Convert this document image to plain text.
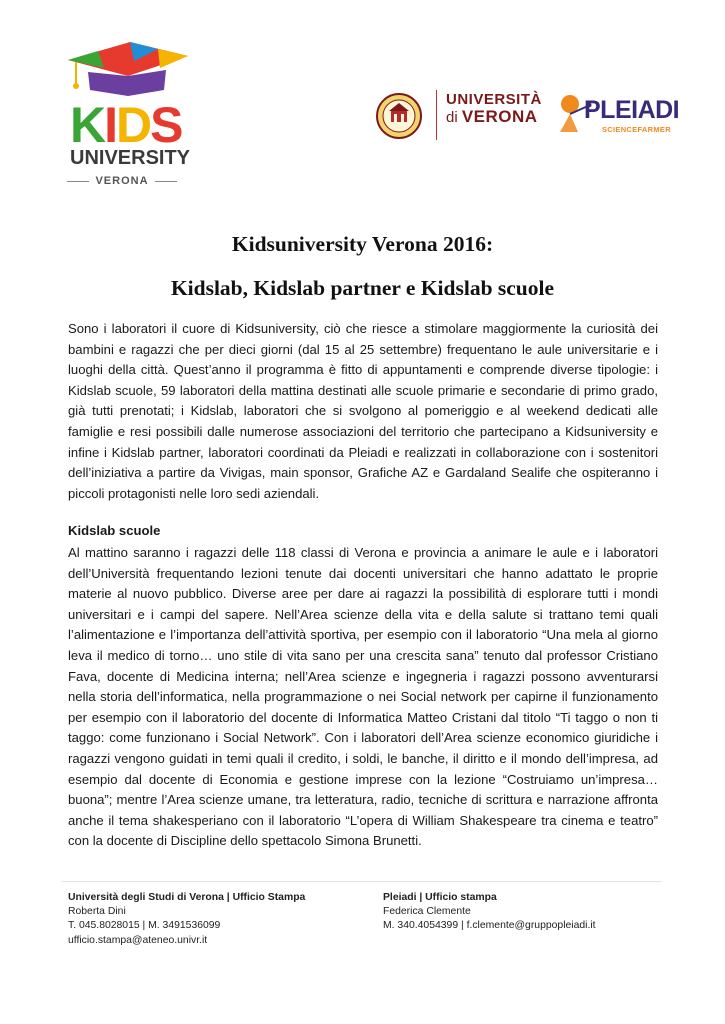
KIDS
UNIVERSITY
VERONA
UNIVERSITÀ
di VERONA PLEIADI
SCIENCEFARMER
Kidsuniversity Verona 2016:
Kidslab, Kidslab partner e Kidslab scuole
Sono i laboratori il cuore di Kidsuniversity, ciò che riesce a stimolare maggiormente la curiosità dei bambini e ragazzi che per dieci giorni (dal 15 al 25 settembre) frequentano le aule universitarie e i luoghi della città. Quest’anno il programma è fitto di appuntamenti e comprende diverse tipologie: i Kidslab scuole, 59 laboratori della mattina destinati alle scuole primarie e secondarie di primo grado, già tutti prenotati; i Kidslab, laboratori che si svolgono al pomeriggio e al weekend dedicati alle famiglie e resi possibili dalle numerose associazioni del territorio che partecipano a Kidsuniversity e infine i Kidslab partner, laboratori coordinati da Pleiadi e realizzati in collaborazione con i sostenitori dell’iniziativa a partire da Vivigas, main sponsor, Grafiche AZ e Gardaland Sealife che ospiteranno i piccoli protagonisti nelle loro sedi aziendali.
Kidslab scuole
Al mattino saranno i ragazzi delle 118 classi di Verona e provincia a animare le aule e i laboratori dell’Università frequentando lezioni tenute dai docenti universitari che hanno adattato le proprie materie al nuovo pubblico. Diverse aree per dare ai ragazzi la possibilità di esplorare tutti i mondi universitari e i campi del sapere. Nell’Area scienze della vita e della salute si trattano temi quali l’alimentazione e l’importanza dell’attività sportiva, per esempio con il laboratorio “Una mela al giorno leva il medico di torno… uno stile di vita sano per una crescita sana” tenuto dal professor Cristiano Fava, docente di Medicina interna; nell’Area scienze e ingegneria i ragazzi possono avventurarsi nella storia dell’informatica, nella programmazione o nei Social network per capirne il funzionamento per esempio con il laboratorio del docente di Informatica Matteo Cristani dal titolo “Ti taggo o non ti taggo: come funzionano i Social Network”. Con i laboratori dell’Area scienze economico giuridiche i ragazzi vengono guidati in temi quali il credito, i soldi, le banche, il diritto e il mondo dell’impresa, ad esempio dal docente di Economia e gestione imprese con la lezione “Costruiamo un’impresa…buona”; mentre l’Area scienze umane, tra letteratura, radio, tecniche di scrittura e narrazione affronta anche il tema shakesperiano con il laboratorio “L’opera di William Shakespeare tra cinema e teatro” con la docente di Discipline dello spettacolo Simona Brunetti.
Università degli Studi di Verona | Ufficio Stampa
Roberta Dini
T. 045.8028015 | M. 3491536099
ufficio.stampa@ateneo.univr.it
Pleiadi | Ufficio stampa
Federica Clemente
M. 340.4054399 | f.clemente@gruppopleiadi.it
